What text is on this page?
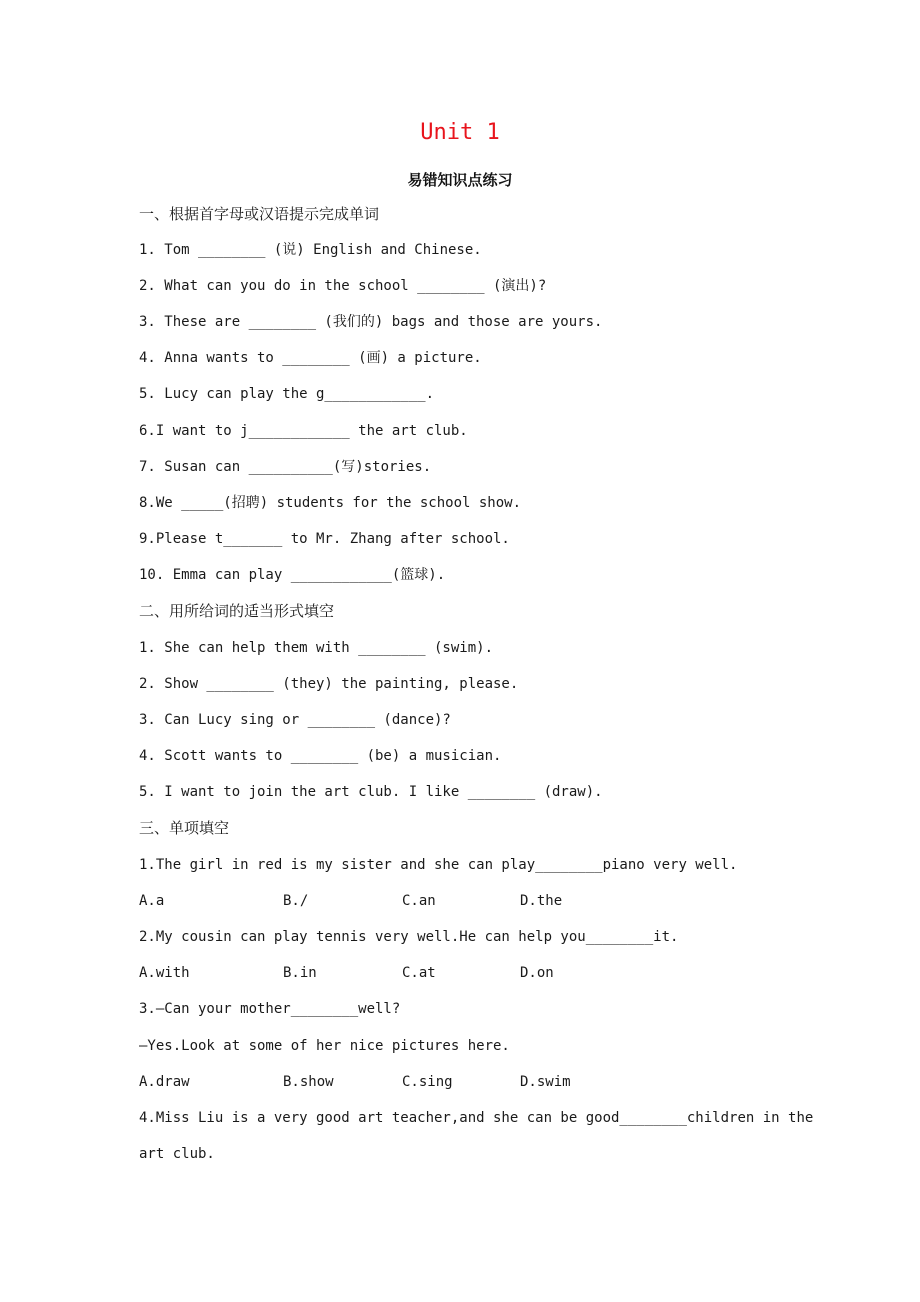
Unit 1
易错知识点练习
一、根据首字母或汉语提示完成单词
1. Tom ________ (说) English and Chinese.
2. What can you do in the school ________ (演出)?
3. These are ________ (我们的) bags and those are yours.
4. Anna wants to ________ (画) a picture.
5. Lucy can play the g____________.
6.I want to j____________ the art club.
7. Susan can __________(写)stories.
8.We _____(招聘) students for the school show.
9.Please t_______ to Mr. Zhang after school.
10. Emma can play ____________(篮球).
二、用所给词的适当形式填空
1. She can help them with ________ (swim).
2. Show ________ (they) the painting, please.
3. Can Lucy sing or ________ (dance)?
4. Scott wants to ________ (be) a musician.
5. I want to join the art club. I like ________ (draw).
三、单项填空
1.The girl in red is my sister and she can play________piano very well.
A.a	B./	C.an	D.the
2.My cousin can play tennis very well.He can help you________it.
A.with	B.in	C.at	D.on
3.—Can your mother________well?
—Yes.Look at some of her nice pictures here.
A.draw	B.show	C.sing	D.swim
4.Miss Liu is a very good art teacher,and she can be good________children in the
art club.
